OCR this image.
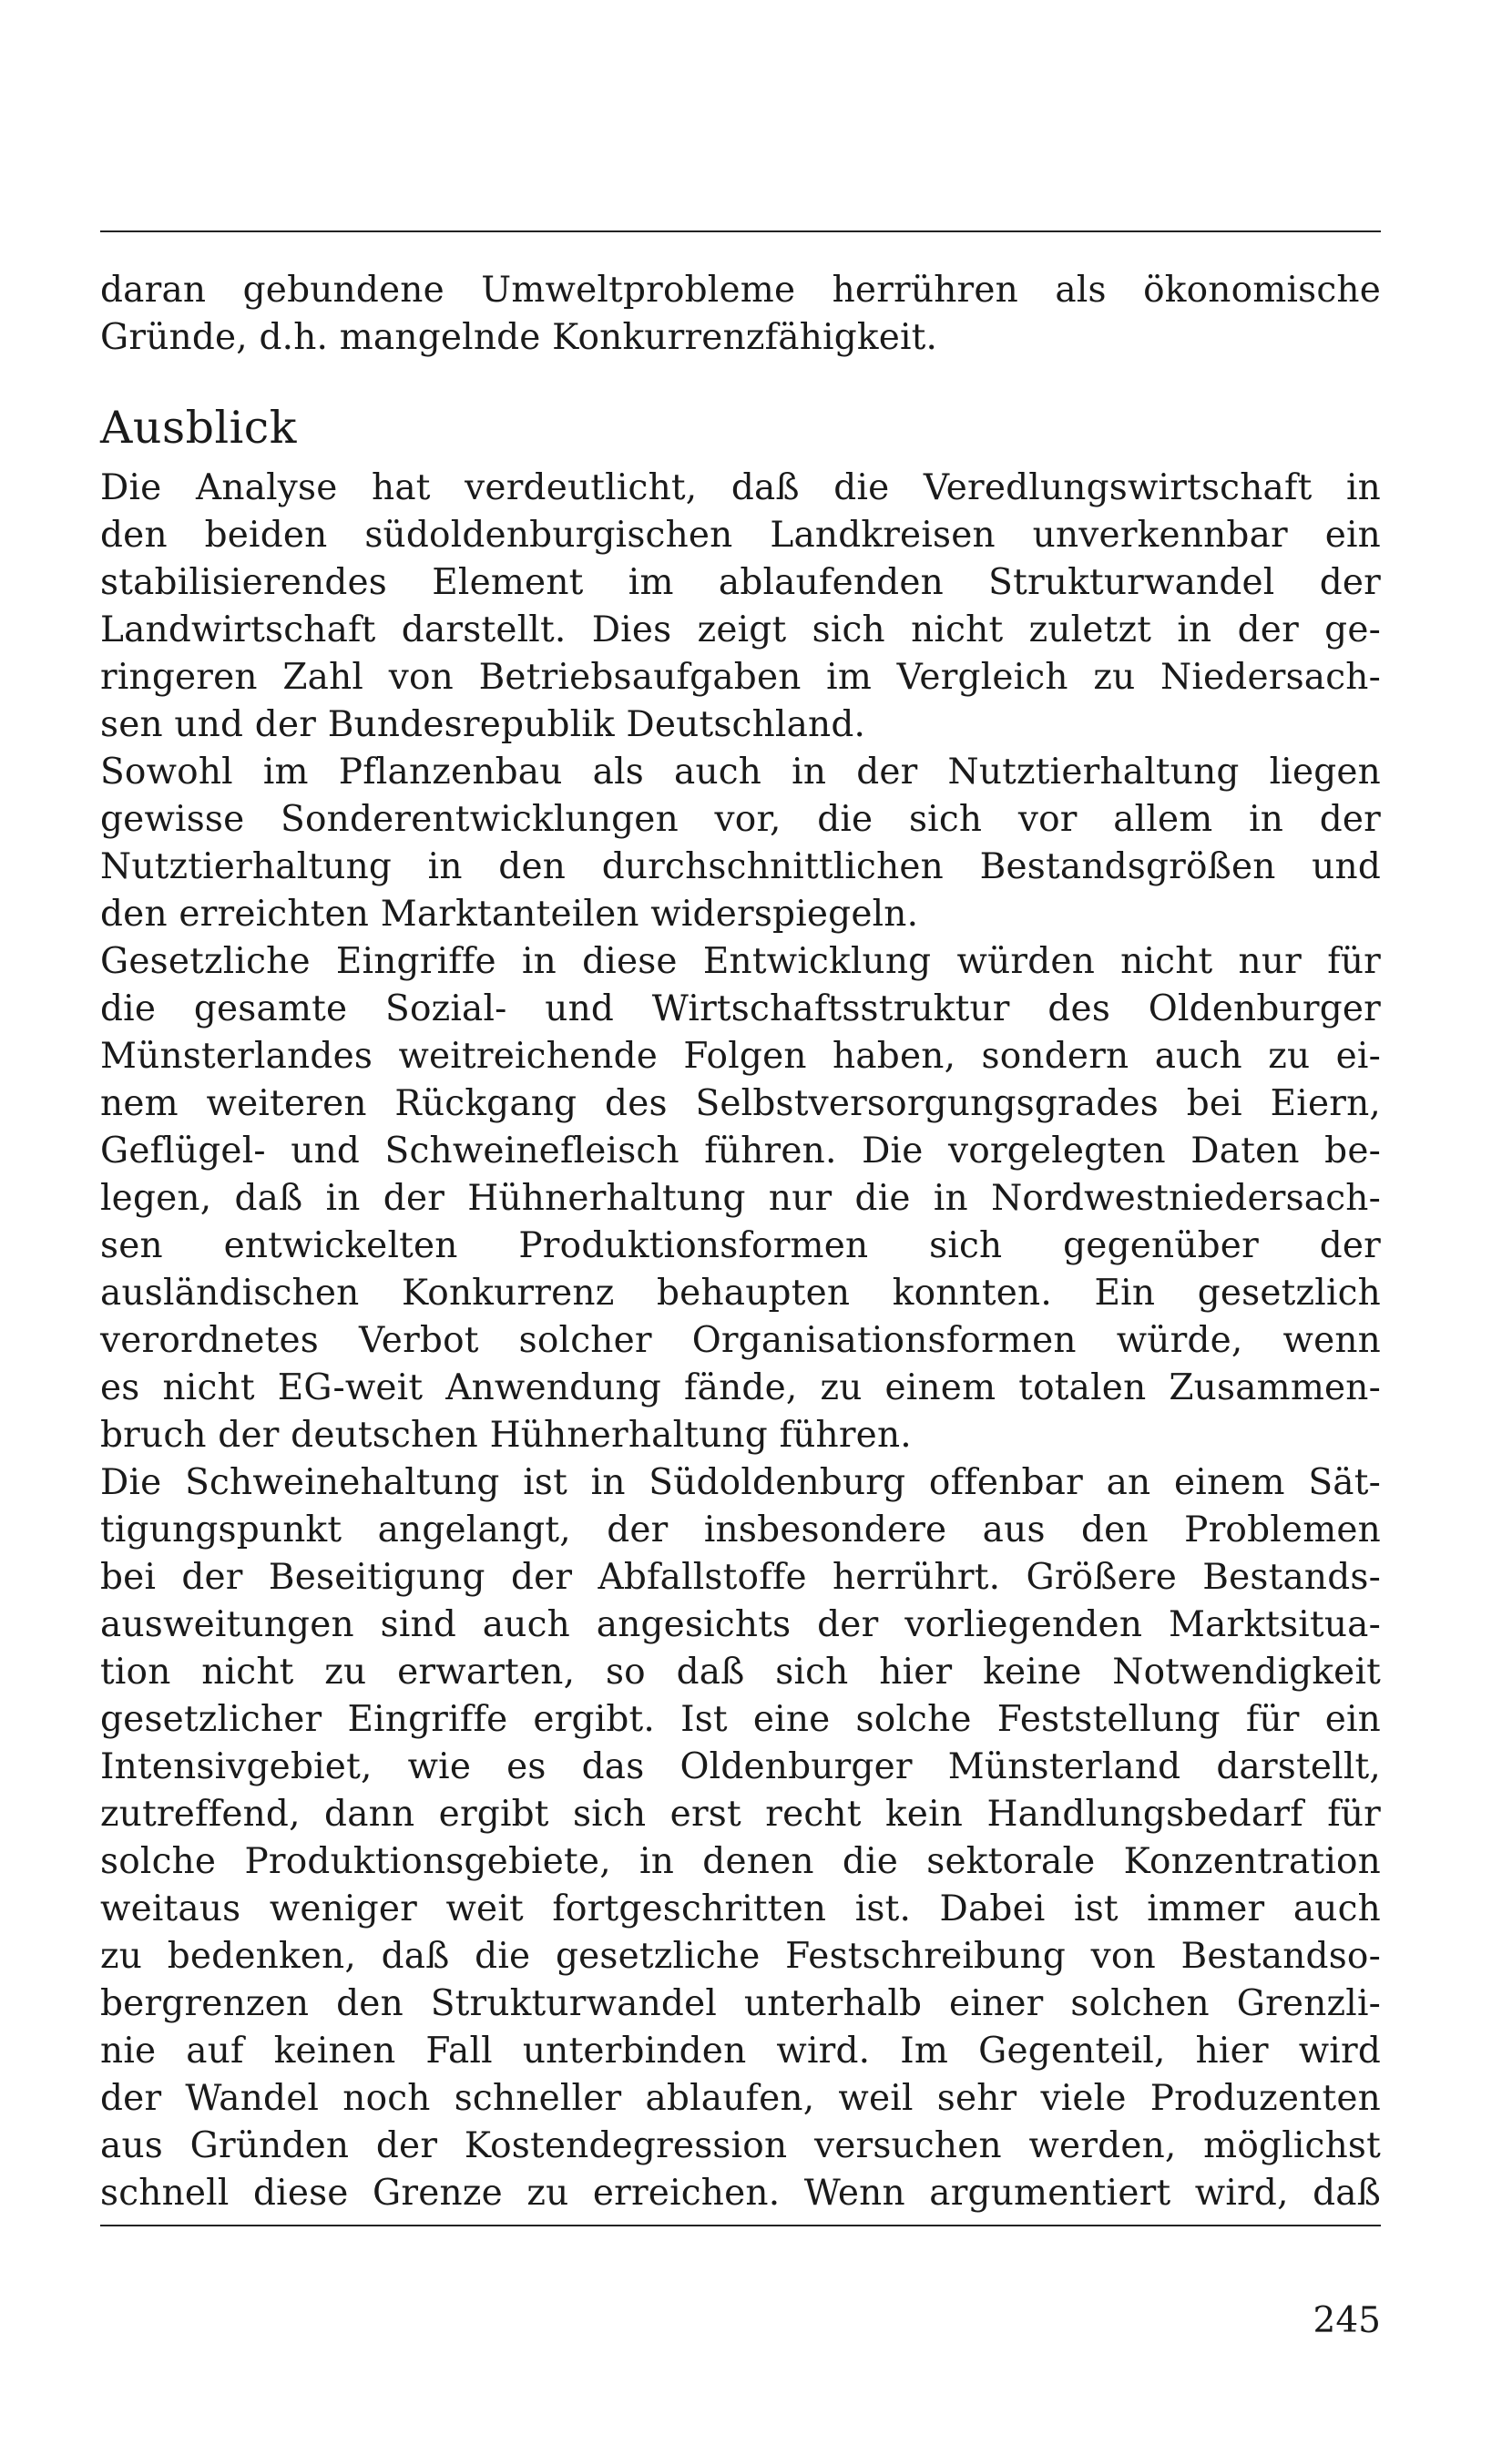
daran gebundene Umweltprobleme herrühren als ökonomische
Gründe, d.h. mangelnde Konkurrenzfähigkeit.

Ausblick

Die Analyse hat verdeutlicht, daß die Veredlungswirtschaft in
den beiden südoldenburgischen Landkreisen unverkennbar ein
stabilisierendes Element im ablaufenden Strukturwandel der
Landwirtschaft darstellt. Dies zeigt sich nicht zuletzt in der ge-
ringeren Zahl von Betriebsaufgaben im Vergleich zu Niedersach-
sen und der Bundesrepublik Deutschland.

Sowohl im Pflanzenbau als auch in der Nutztierhaltung liegen
gewisse Sonderentwicklungen vor, die sich vor allem in der
Nutztierhaltung in den durchschnittlichen Bestandsgrößen und
den erreichten Marktanteilen widerspiegeln.

Gesetzliche Eingriffe in diese Entwicklung würden nicht nur für
die gesamte Sozial- und Wirtschaftsstruktur des Oldenburger
Münsterlandes weitreichende Folgen haben, sondern auch zu ei-
nem weiteren Rückgang des Selbstversorgungsgrades bei Eiern,
Geflügel- und Schweinefleisch führen. Die vorgelegten Daten be-
legen, daß in der Hühnerhaltung nur die in Nordwestniedersach-
sen entwickelten Produktionsformen sich gegenüber der
ausländischen Konkurrenz behaupten konnten. Ein gesetzlich
verordnetes Verbot solcher Organisationsformen würde, wenn
es nicht EG-weit Anwendung fände, zu einem totalen Zusammen-
bruch der deutschen Hühnerhaltung führen.

Die Schweinehaltung ist in Südoldenburg offenbar an einem Sät-
tigungspunkt angelangt, der insbesondere aus den Problemen
bei der Beseitigung der Abfallstoffe herrührt. Größere Bestands-
ausweitungen sind auch angesichts der vorliegenden Marktsitua-
tion nicht zu erwarten, so daß sich hier keine Notwendigkeit
gesetzlicher Eingriffe ergibt. Ist eine solche Feststellung für ein
Intensivgebiet, wie es das Oldenburger Münsterland darstellt,
zutreffend, dann ergibt sich erst recht kein Handlungsbedarf für
solche Produktionsgebiete, in denen die sektorale Konzentration
weitaus weniger weit fortgeschritten ist. Dabei ist immer auch
zu bedenken, daß die gesetzliche Festschreibung von Bestandso-
bergrenzen den Strukturwandel unterhalb einer solchen Grenzli-
nie auf keinen Fall unterbinden wird. Im Gegenteil, hier wird
der Wandel noch schneller ablaufen, weil sehr viele Produzenten
aus Gründen der Kostendegression versuchen werden, möglichst
schnell diese Grenze zu erreichen. Wenn argumentiert wird, daß

245
